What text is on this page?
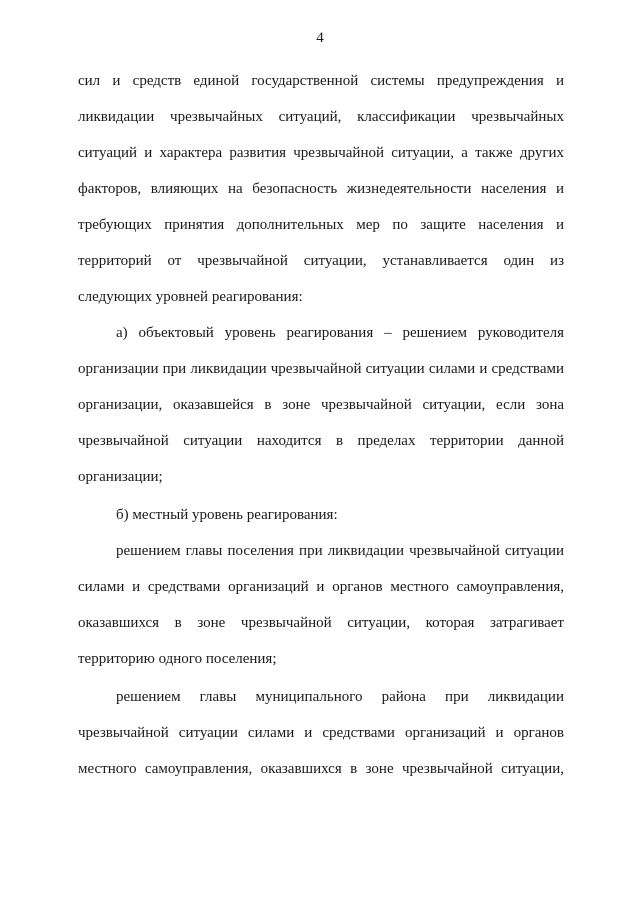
4
сил и средств единой государственной системы предупреждения и
ликвидации чрезвычайных ситуаций, классификации чрезвычайных
ситуаций и характера развития чрезвычайной ситуации, а также других
факторов, влияющих на безопасность жизнедеятельности населения и
требующих принятия дополнительных мер по защите населения и
территорий от чрезвычайной ситуации, устанавливается один из
следующих уровней реагирования:
а) объектовый уровень реагирования – решением руководителя
организации при ликвидации чрезвычайной ситуации силами и средствами
организации, оказавшейся в зоне чрезвычайной ситуации, если зона
чрезвычайной ситуации находится в пределах территории данной
организации;
б) местный уровень реагирования:
решением главы поселения при ликвидации чрезвычайной ситуации
силами и средствами организаций и органов местного самоуправления,
оказавшихся в зоне чрезвычайной ситуации, которая затрагивает
территорию одного поселения;
решением главы муниципального района при ликвидации
чрезвычайной ситуации силами и средствами организаций и органов
местного самоуправления, оказавшихся в зоне чрезвычайной ситуации,
